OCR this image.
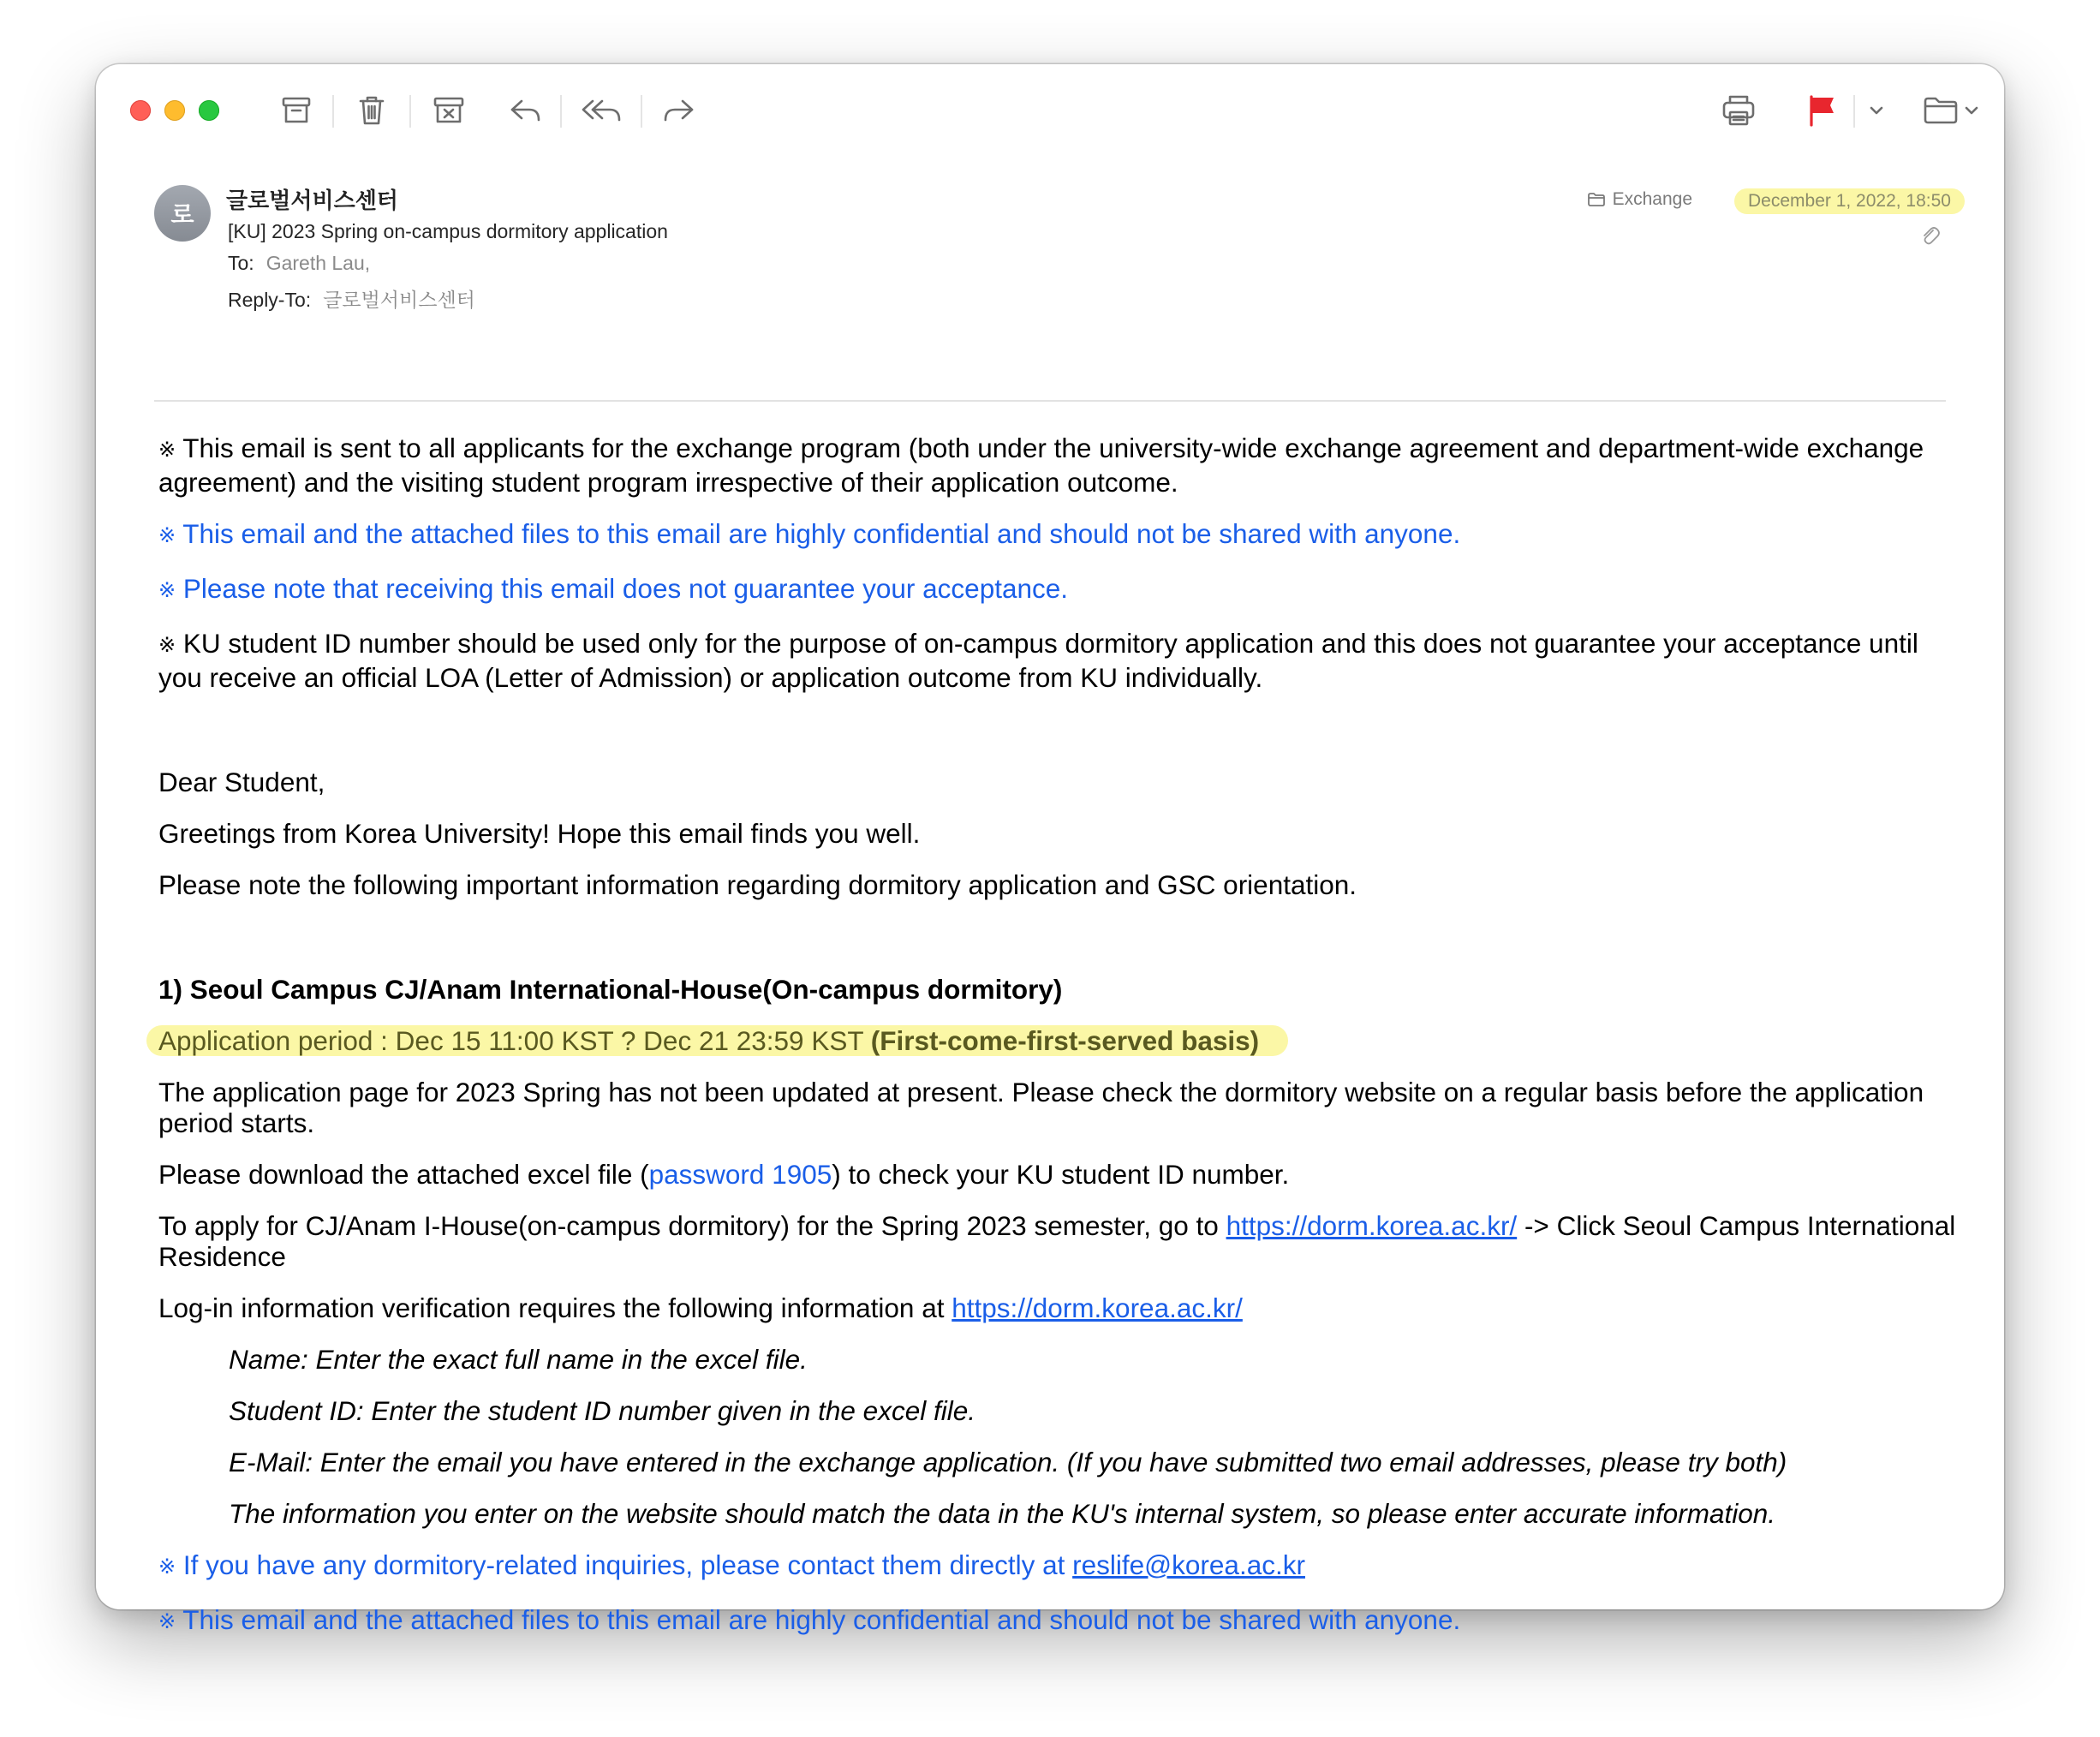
로
글로벌서비스센터
[KU] 2023 Spring on-campus dormitory application
To: Gareth Lau,
Reply-To: 글로벌서비스센터
Exchange	December 1, 2022, 18:50

※ This email is sent to all applicants for the exchange program (both under the university-wide exchange agreement and department-wide exchange agreement) and the visiting student program irrespective of their application outcome.

※ This email and the attached files to this email are highly confidential and should not be shared with anyone.

※ Please note that receiving this email does not guarantee your acceptance.

※ KU student ID number should be used only for the purpose of on-campus dormitory application and this does not guarantee your acceptance until you receive an official LOA (Letter of Admission) or application outcome from KU individually.

Dear Student,

Greetings from Korea University! Hope this email finds you well.

Please note the following important information regarding dormitory application and GSC orientation.

1) Seoul Campus CJ/Anam International-House(On-campus dormitory)

Application period : Dec 15 11:00 KST ? Dec 21 23:59 KST (First-come-first-served basis)

The application page for 2023 Spring has not been updated at present. Please check the dormitory website on a regular basis before the application period starts.

Please download the attached excel file (password 1905) to check your KU student ID number.

To apply for CJ/Anam I-House(on-campus dormitory) for the Spring 2023 semester, go to https://dorm.korea.ac.kr/ -> Click Seoul Campus International Residence

Log-in information verification requires the following information at https://dorm.korea.ac.kr/

Name: Enter the exact full name in the excel file.

Student ID: Enter the student ID number given in the excel file.

E-Mail: Enter the email you have entered in the exchange application. (If you have submitted two email addresses, please try both)

The information you enter on the website should match the data in the KU's internal system, so please enter accurate information.

※ If you have any dormitory-related inquiries, please contact them directly at reslife@korea.ac.kr

※ This email and the attached files to this email are highly confidential and should not be shared with anyone.
